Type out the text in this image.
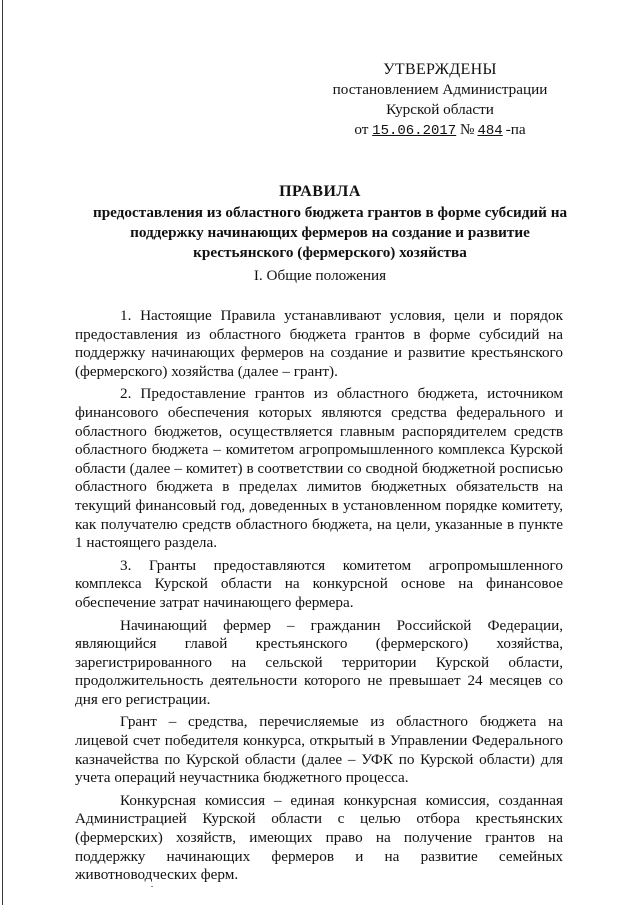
УТВЕРЖДЕНЫ
постановлением Администрации
Курской области
от 15.06.2017 № 484 -па
ПРАВИЛА
предоставления из областного бюджета грантов в форме субсидий на поддержку начинающих фермеров на создание и развитие крестьянского (фермерского) хозяйства
I. Общие положения

1. Настоящие Правила устанавливают условия, цели и порядок предоставления из областного бюджета грантов в форме субсидий на поддержку начинающих фермеров на создание и развитие крестьянского (фермерского) хозяйства (далее – грант).

2. Предоставление грантов из областного бюджета, источником финансового обеспечения которых являются средства федерального и областного бюджетов, осуществляется главным распорядителем средств областного бюджета – комитетом агропромышленного комплекса Курской области (далее – комитет) в соответствии со сводной бюджетной росписью областного бюджета в пределах лимитов бюджетных обязательств на текущий финансовый год, доведенных в установленном порядке комитету, как получателю средств областного бюджета, на цели, указанные в пункте 1 настоящего раздела.

3. Гранты предоставляются комитетом агропромышленного комплекса Курской области на конкурсной основе на финансовое обеспечение затрат начинающего фермера.

Начинающий фермер – гражданин Российской Федерации, являющийся главой крестьянского (фермерского) хозяйства, зарегистрированного на сельской территории Курской области, продолжительность деятельности которого не превышает 24 месяцев со дня его регистрации.

Грант – средства, перечисляемые из областного бюджета на лицевой счет победителя конкурса, открытый в Управлении Федерального казначейства по Курской области (далее – УФК по Курской области) для учета операций неучастника бюджетного процесса.

Конкурсная комиссия – единая конкурсная комиссия, созданная Администрацией Курской области с целью отбора крестьянских (фермерских) хозяйств, имеющих право на получение грантов на поддержку начинающих фермеров и на развитие семейных животноводческих ферм.
